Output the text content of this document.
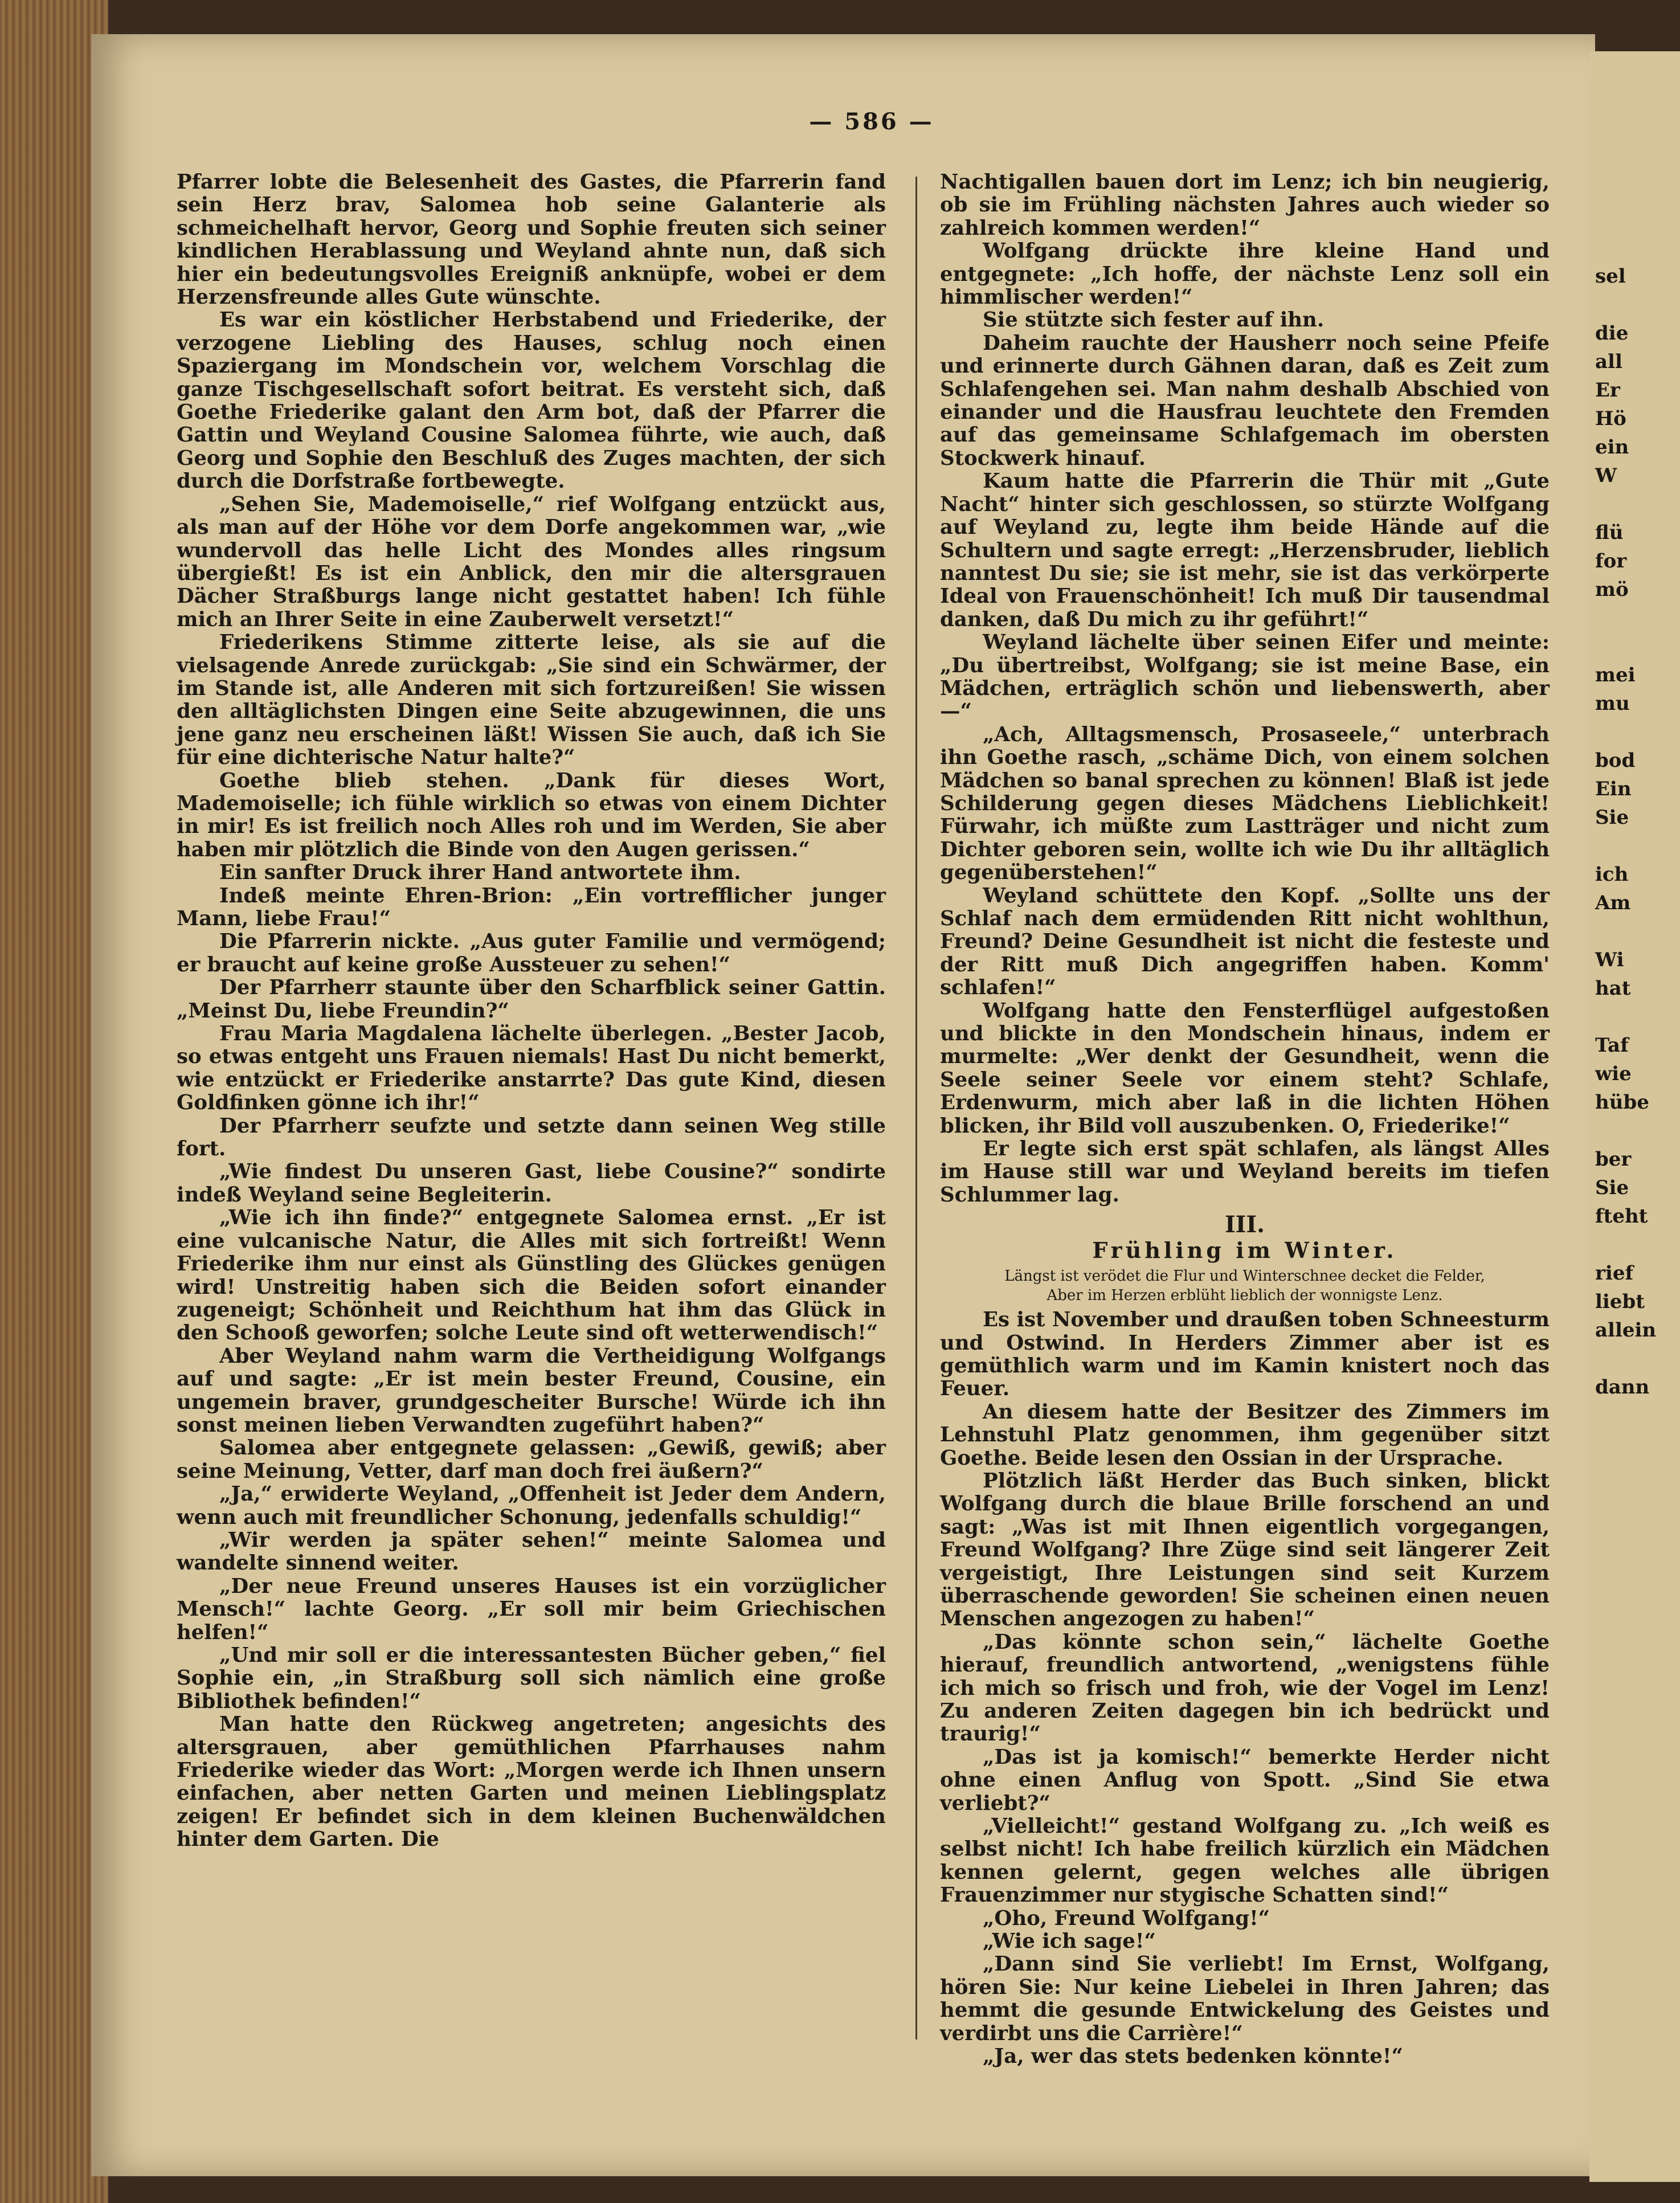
sel

die
all
Er
Hö
ein
W

flü
for
mö

mei
mu

bod
Ein
Sie

ich
Am

Wi
hat

Taf
wie
hübe

ber
Sie
fteht

rief
liebt
allein

dann
— 586 —

Pfarrer lobte die Belesenheit des Gastes, die Pfarrerin fand sein Herz brav, Salomea hob seine Galanterie als schmeichelhaft hervor, Georg und Sophie freuten sich seiner kindlichen Herablassung und Weyland ahnte nun, daß sich hier ein bedeutungsvolles Ereigniß anknüpfe, wobei er dem Herzensfreunde alles Gute wünschte.

Es war ein köstlicher Herbstabend und Friederike, der verzogene Liebling des Hauses, schlug noch einen Spaziergang im Mondschein vor, welchem Vorschlag die ganze Tischgesellschaft sofort beitrat. Es versteht sich, daß Goethe Friederike galant den Arm bot, daß der Pfarrer die Gattin und Weyland Cousine Salomea führte, wie auch, daß Georg und Sophie den Beschluß des Zuges machten, der sich durch die Dorfstraße fortbewegte.

„Sehen Sie, Mademoiselle,“ rief Wolfgang entzückt aus, als man auf der Höhe vor dem Dorfe angekommen war, „wie wundervoll das helle Licht des Mondes alles ringsum übergießt! Es ist ein Anblick, den mir die altersgrauen Dächer Straßburgs lange nicht gestattet haben! Ich fühle mich an Ihrer Seite in eine Zauberwelt versetzt!“

Friederikens Stimme zitterte leise, als sie auf die vielsagende Anrede zurückgab: „Sie sind ein Schwärmer, der im Stande ist, alle Anderen mit sich fortzureißen! Sie wissen den alltäglichsten Dingen eine Seite abzugewinnen, die uns jene ganz neu erscheinen läßt! Wissen Sie auch, daß ich Sie für eine dichterische Natur halte?“

Goethe blieb stehen. „Dank für dieses Wort, Mademoiselle; ich fühle wirklich so etwas von einem Dichter in mir! Es ist freilich noch Alles roh und im Werden, Sie aber haben mir plötzlich die Binde von den Augen gerissen.“

Ein sanfter Druck ihrer Hand antwortete ihm.

Indeß meinte Ehren-Brion: „Ein vortrefflicher junger Mann, liebe Frau!“

Die Pfarrerin nickte. „Aus guter Familie und vermögend; er braucht auf keine große Aussteuer zu sehen!“

Der Pfarrherr staunte über den Scharfblick seiner Gattin. „Meinst Du, liebe Freundin?“

Frau Maria Magdalena lächelte überlegen. „Bester Jacob, so etwas entgeht uns Frauen niemals! Hast Du nicht bemerkt, wie entzückt er Friederike anstarrte? Das gute Kind, diesen Goldfinken gönne ich ihr!“

Der Pfarrherr seufzte und setzte dann seinen Weg stille fort.

„Wie findest Du unseren Gast, liebe Cousine?“ sondirte indeß Weyland seine Begleiterin.

„Wie ich ihn finde?“ entgegnete Salomea ernst. „Er ist eine vulcanische Natur, die Alles mit sich fortreißt! Wenn Friederike ihm nur einst als Günstling des Glückes genügen wird! Unstreitig haben sich die Beiden sofort einander zugeneigt; Schönheit und Reichthum hat ihm das Glück in den Schooß geworfen; solche Leute sind oft wetterwendisch!“

Aber Weyland nahm warm die Vertheidigung Wolfgangs auf und sagte: „Er ist mein bester Freund, Cousine, ein ungemein braver, grundgescheiter Bursche! Würde ich ihn sonst meinen lieben Verwandten zugeführt haben?“

Salomea aber entgegnete gelassen: „Gewiß, gewiß; aber seine Meinung, Vetter, darf man doch frei äußern?“

„Ja,“ erwiderte Weyland, „Offenheit ist Jeder dem Andern, wenn auch mit freundlicher Schonung, jedenfalls schuldig!“

„Wir werden ja später sehen!“ meinte Salomea und wandelte sinnend weiter.

„Der neue Freund unseres Hauses ist ein vorzüglicher Mensch!“ lachte Georg. „Er soll mir beim Griechischen helfen!“

„Und mir soll er die interessantesten Bücher geben,“ fiel Sophie ein, „in Straßburg soll sich nämlich eine große Bibliothek befinden!“

Man hatte den Rückweg angetreten; angesichts des altersgrauen, aber gemüthlichen Pfarrhauses nahm Friederike wieder das Wort: „Morgen werde ich Ihnen unsern einfachen, aber netten Garten und meinen Lieblingsplatz zeigen! Er befindet sich in dem kleinen Buchenwäldchen hinter dem Garten. Die

Nachtigallen bauen dort im Lenz; ich bin neugierig, ob sie im Frühling nächsten Jahres auch wieder so zahlreich kommen werden!“

Wolfgang drückte ihre kleine Hand und entgegnete: „Ich hoffe, der nächste Lenz soll ein himmlischer werden!“

Sie stützte sich fester auf ihn.

Daheim rauchte der Hausherr noch seine Pfeife und erinnerte durch Gähnen daran, daß es Zeit zum Schlafengehen sei. Man nahm deshalb Abschied von einander und die Hausfrau leuchtete den Fremden auf das gemeinsame Schlafgemach im obersten Stockwerk hinauf.

Kaum hatte die Pfarrerin die Thür mit „Gute Nacht“ hinter sich geschlossen, so stürzte Wolfgang auf Weyland zu, legte ihm beide Hände auf die Schultern und sagte erregt: „Herzensbruder, lieblich nanntest Du sie; sie ist mehr, sie ist das verkörperte Ideal von Frauenschönheit! Ich muß Dir tausendmal danken, daß Du mich zu ihr geführt!“

Weyland lächelte über seinen Eifer und meinte: „Du übertreibst, Wolfgang; sie ist meine Base, ein Mädchen, erträglich schön und liebenswerth, aber —“

„Ach, Alltagsmensch, Prosaseele,“ unterbrach ihn Goethe rasch, „schäme Dich, von einem solchen Mädchen so banal sprechen zu können! Blaß ist jede Schilderung gegen dieses Mädchens Lieblichkeit! Fürwahr, ich müßte zum Lastträger und nicht zum Dichter geboren sein, wollte ich wie Du ihr alltäglich gegenüberstehen!“

Weyland schüttete den Kopf. „Sollte uns der Schlaf nach dem ermüdenden Ritt nicht wohlthun, Freund? Deine Gesundheit ist nicht die festeste und der Ritt muß Dich angegriffen haben. Komm' schlafen!“

Wolfgang hatte den Fensterflügel aufgestoßen und blickte in den Mondschein hinaus, indem er murmelte: „Wer denkt der Gesundheit, wenn die Seele seiner Seele vor einem steht? Schlafe, Erdenwurm, mich aber laß in die lichten Höhen blicken, ihr Bild voll auszubenken. O, Friederike!“

Er legte sich erst spät schlafen, als längst Alles im Hause still war und Weyland bereits im tiefen Schlummer lag.

III.
Frühling im Winter.
Längst ist verödet die Flur und Winterschnee decket die Felder,
Aber im Herzen erblüht lieblich der wonnigste Lenz.

Es ist November und draußen toben Schneesturm und Ostwind. In Herders Zimmer aber ist es gemüthlich warm und im Kamin knistert noch das Feuer.

An diesem hatte der Besitzer des Zimmers im Lehnstuhl Platz genommen, ihm gegenüber sitzt Goethe. Beide lesen den Ossian in der Ursprache.

Plötzlich läßt Herder das Buch sinken, blickt Wolfgang durch die blaue Brille forschend an und sagt: „Was ist mit Ihnen eigentlich vorgegangen, Freund Wolfgang? Ihre Züge sind seit längerer Zeit vergeistigt, Ihre Leistungen sind seit Kurzem überraschende geworden! Sie scheinen einen neuen Menschen angezogen zu haben!“

„Das könnte schon sein,“ lächelte Goethe hierauf, freundlich antwortend, „wenigstens fühle ich mich so frisch und froh, wie der Vogel im Lenz! Zu anderen Zeiten dagegen bin ich bedrückt und traurig!“

„Das ist ja komisch!“ bemerkte Herder nicht ohne einen Anflug von Spott. „Sind Sie etwa verliebt?“

„Vielleicht!“ gestand Wolfgang zu. „Ich weiß es selbst nicht! Ich habe freilich kürzlich ein Mädchen kennen gelernt, gegen welches alle übrigen Frauenzimmer nur stygische Schatten sind!“

„Oho, Freund Wolfgang!“

„Wie ich sage!“

„Dann sind Sie verliebt! Im Ernst, Wolfgang, hören Sie: Nur keine Liebelei in Ihren Jahren; das hemmt die gesunde Entwickelung des Geistes und verdirbt uns die Carrière!“

„Ja, wer das stets bedenken könnte!“
